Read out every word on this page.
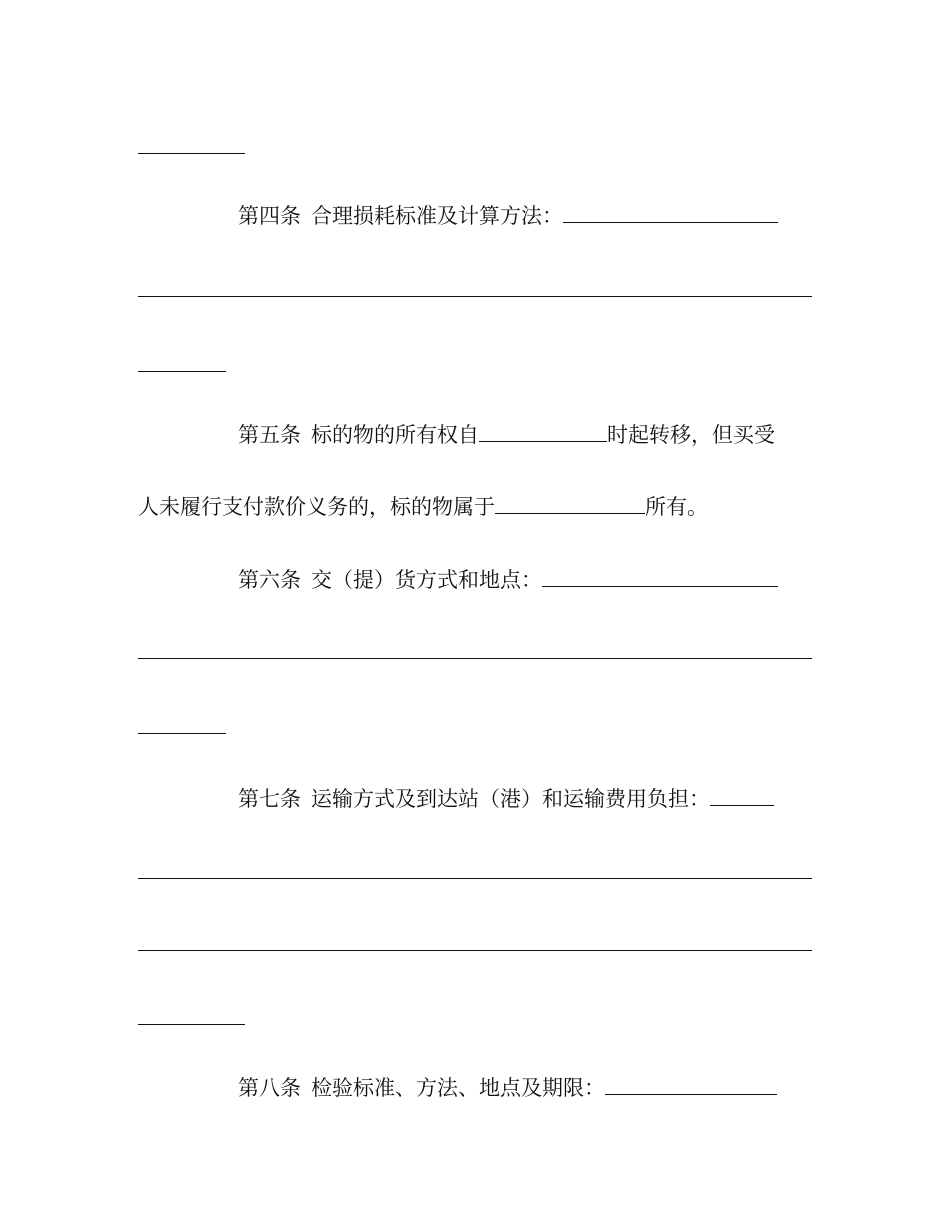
第四条 合理损耗标准及计算方法：
第五条 标的物的所有权自	时起转移，但买受
人未履行支付款价义务的，标的物属于	所有。
第六条 交（提）货方式和地点：
第七条 运输方式及到达站（港）和运输费用负担：
第八条 检验标准、方法、地点及期限：
